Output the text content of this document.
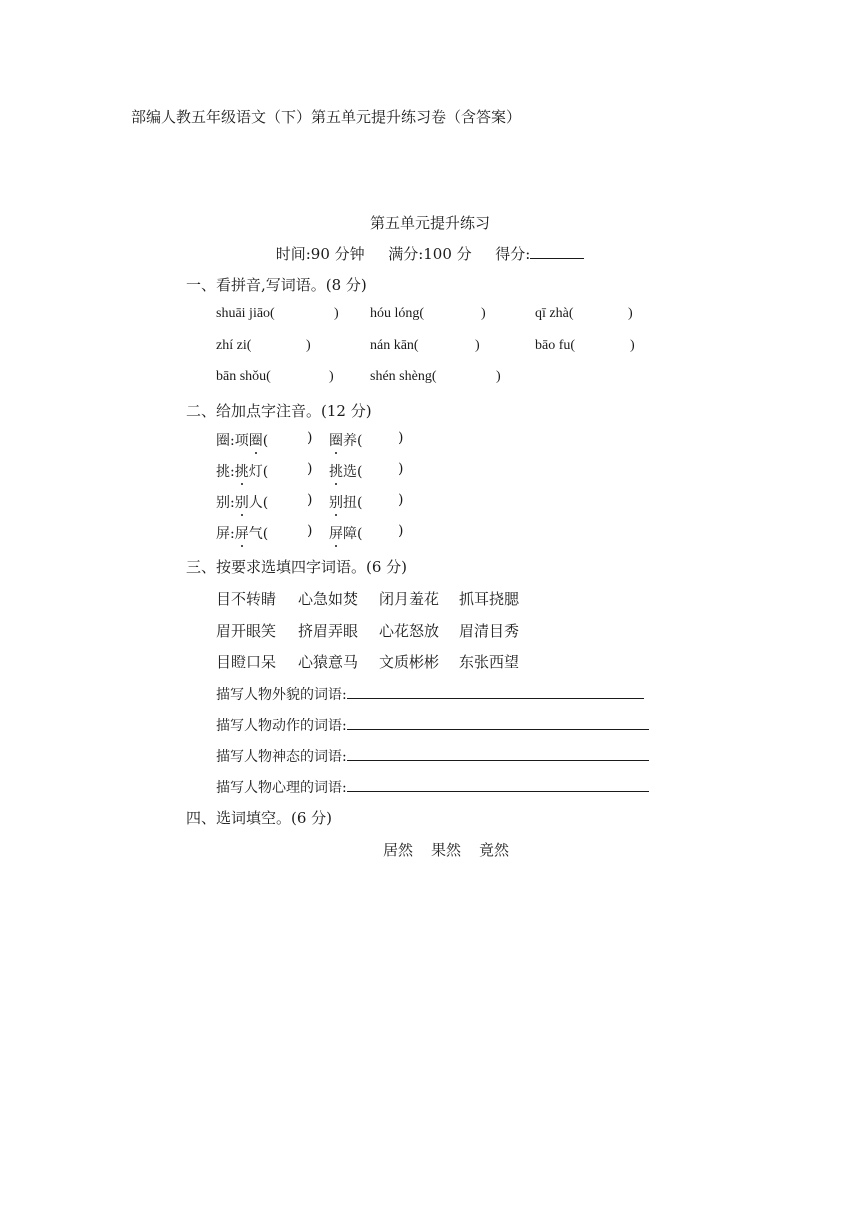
部编人教五年级语文（下）第五单元提升练习卷（含答案）
第五单元提升练习
时间:90 分钟 满分:100 分 得分:
一、看拼音,写词语。(8 分)
shuāi jiāo(	) hóu lóng(	)	qī zhà(	)
zhí zi(	)	nán kān(	)	bāo fu(	)
bān shǒu(	)	shén shèng(	)
二、给加点字注音。(12 分)
圈:项圈(	) 圈养(	)
挑:挑灯(	) 挑选(	)
别:别人(	) 别扭(	)
屏:屏气(	) 屏障(	)
三、按要求选填四字词语。(6 分)
目不转睛 心急如焚 闭月羞花 抓耳挠腮
眉开眼笑 挤眉弄眼 心花怒放 眉清目秀
目瞪口呆 心猿意马 文质彬彬 东张西望
描写人物外貌的词语:
描写人物动作的词语:
描写人物神态的词语:
描写人物心理的词语:
四、选词填空。(6 分)
居然 果然 竟然
